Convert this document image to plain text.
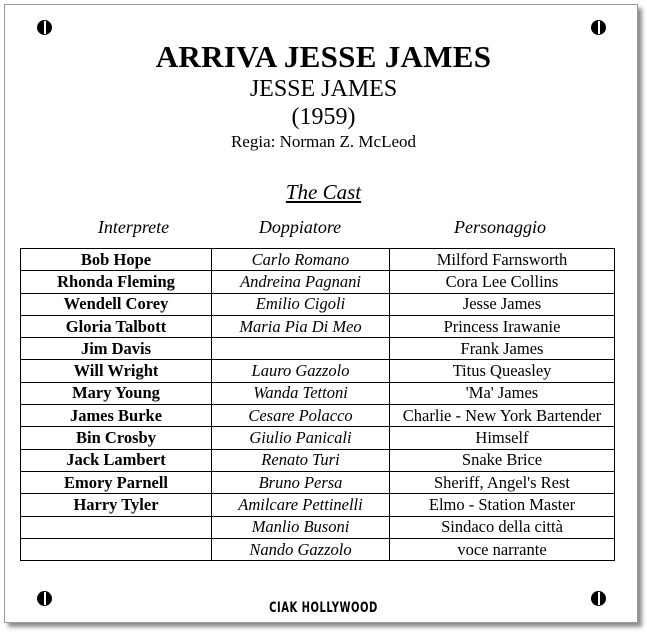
ARRIVA JESSE JAMES
JESSE JAMES
(1959)
Regia: Norman Z. McLeod
The Cast
Interprete	Doppiatore	Personaggio
Bob Hope	Carlo Romano	Milford Farnsworth
Rhonda Fleming	Andreina Pagnani	Cora Lee Collins
Wendell Corey	Emilio Cigoli	Jesse James
Gloria Talbott	Maria Pia Di Meo	Princess Irawanie
Jim Davis		Frank James
Will Wright	Lauro Gazzolo	Titus Queasley
Mary Young	Wanda Tettoni	'Ma' James
James Burke	Cesare Polacco	Charlie - New York Bartender
Bin Crosby	Giulio Panicali	Himself
Jack Lambert	Renato Turi	Snake Brice
Emory Parnell	Bruno Persa	Sheriff, Angel's Rest
Harry Tyler	Amilcare Pettinelli	Elmo - Station Master
	Manlio Busoni	Sindaco della città
	Nando Gazzolo	voce narrante
CIAK HOLLYWOOD
